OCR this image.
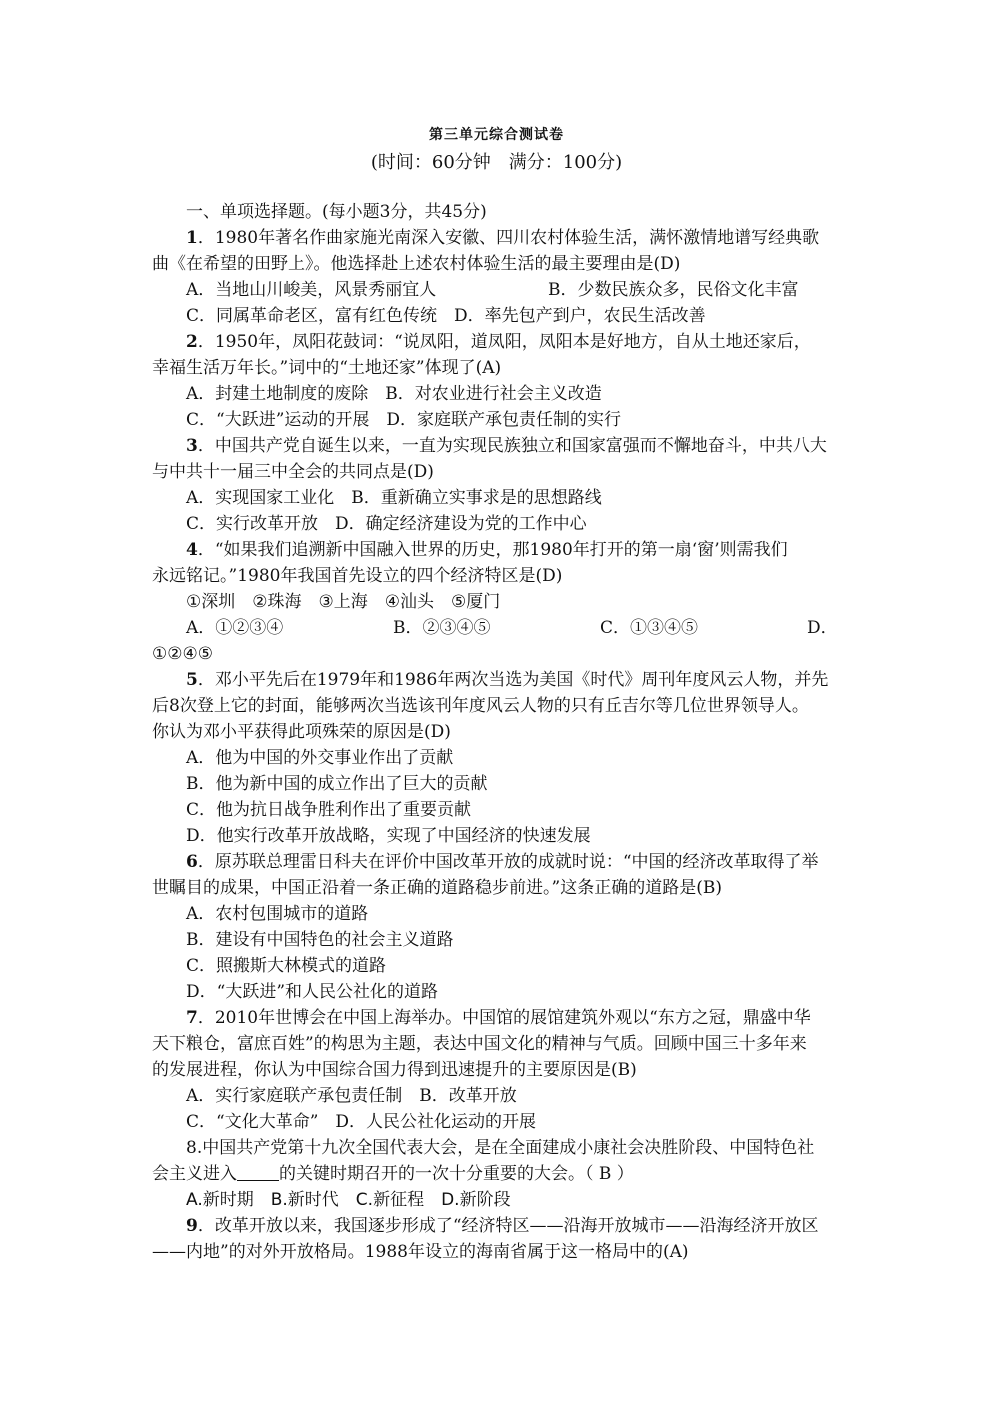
第三单元综合测试卷
(时间：60分钟　满分：100分)
一、单项选择题。(每小题3分，共45分)
1．1980年著名作曲家施光南深入安徽、四川农村体验生活，满怀激情地谱写经典歌
曲《在希望的田野上》。他选择赴上述农村体验生活的最主要理由是(D)
A．当地山川峻美，风景秀丽宜人	B．少数民族众多，民俗文化丰富
C．同属革命老区，富有红色传统　D．率先包产到户，农民生活改善
2．1950年，凤阳花鼓词：“说凤阳，道凤阳，凤阳本是好地方，自从土地还家后，
幸福生活万年长。”词中的“土地还家”体现了(A)
A．封建土地制度的废除　B．对农业进行社会主义改造
C．“大跃进”运动的开展　D．家庭联产承包责任制的实行
3．中国共产党自诞生以来，一直为实现民族独立和国家富强而不懈地奋斗，中共八大
与中共十一届三中全会的共同点是(D)
A．实现国家工业化　B．重新确立实事求是的思想路线
C．实行改革开放　D．确定经济建设为党的工作中心
4．“如果我们追溯新中国融入世界的历史，那1980年打开的第一扇‘窗’则需我们
永远铭记。”1980年我国首先设立的四个经济特区是(D)
①深圳　②珠海　③上海　④汕头　⑤厦门
A．①②③④	B．②③④⑤	C．①③④⑤	D．
①②④⑤
5．邓小平先后在1979年和1986年两次当选为美国《时代》周刊年度风云人物，并先
后8次登上它的封面，能够两次当选该刊年度风云人物的只有丘吉尔等几位世界领导人。
你认为邓小平获得此项殊荣的原因是(D)
A．他为中国的外交事业作出了贡献
B．他为新中国的成立作出了巨大的贡献
C．他为抗日战争胜利作出了重要贡献
D．他实行改革开放战略，实现了中国经济的快速发展
6．原苏联总理雷日科夫在评价中国改革开放的成就时说：“中国的经济改革取得了举
世瞩目的成果，中国正沿着一条正确的道路稳步前进。”这条正确的道路是(B)
A．农村包围城市的道路
B．建设有中国特色的社会主义道路
C．照搬斯大林模式的道路
D．“大跃进”和人民公社化的道路
7．2010年世博会在中国上海举办。中国馆的展馆建筑外观以“东方之冠，鼎盛中华
天下粮仓，富庶百姓”的构思为主题，表达中国文化的精神与气质。回顾中国三十多年来
的发展进程，你认为中国综合国力得到迅速提升的主要原因是(B)
A．实行家庭联产承包责任制　B．改革开放
C．“文化大革命”　D．人民公社化运动的开展
8.中国共产党第十九次全国代表大会，是在全面建成小康社会决胜阶段、中国特色社
会主义进入 的关键时期召开的一次十分重要的大会。（ B ）
A.新时期　B.新时代　C.新征程　D.新阶段
9．改革开放以来，我国逐步形成了“经济特区——沿海开放城市——沿海经济开放区
——内地”的对外开放格局。1988年设立的海南省属于这一格局中的(A)
